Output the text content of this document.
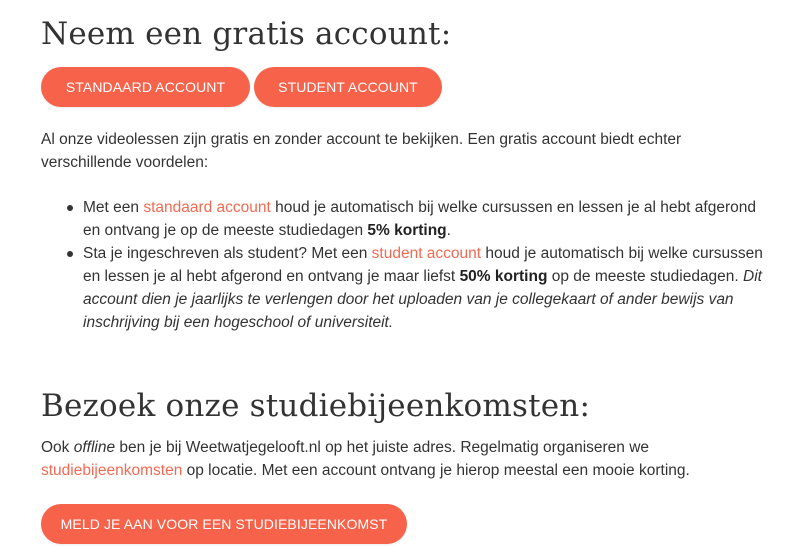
Neem een gratis account:
STANDAARD ACCOUNT	STUDENT ACCOUNT

Al onze videolessen zijn gratis en zonder account te bekijken. Een gratis account biedt echter verschillende voordelen:

Met een standaard account houd je automatisch bij welke cursussen en lessen je al hebt afgerond en ontvang je op de meeste studiedagen 5% korting.
Sta je ingeschreven als student? Met een student account houd je automatisch bij welke cursussen en lessen je al hebt afgerond en ontvang je maar liefst 50% korting op de meeste studiedagen. Dit account dien je jaarlijks te verlengen door het uploaden van je collegekaart of ander bewijs van inschrijving bij een hogeschool of universiteit.
Bezoek onze studiebijeenkomsten:

Ook offline ben je bij Weetwatjegelooft.nl op het juiste adres. Regelmatig organiseren we studiebijeenkomsten op locatie. Met een account ontvang je hierop meestal een mooie korting.

MELD JE AAN VOOR EEN STUDIEBIJEENKOMST
